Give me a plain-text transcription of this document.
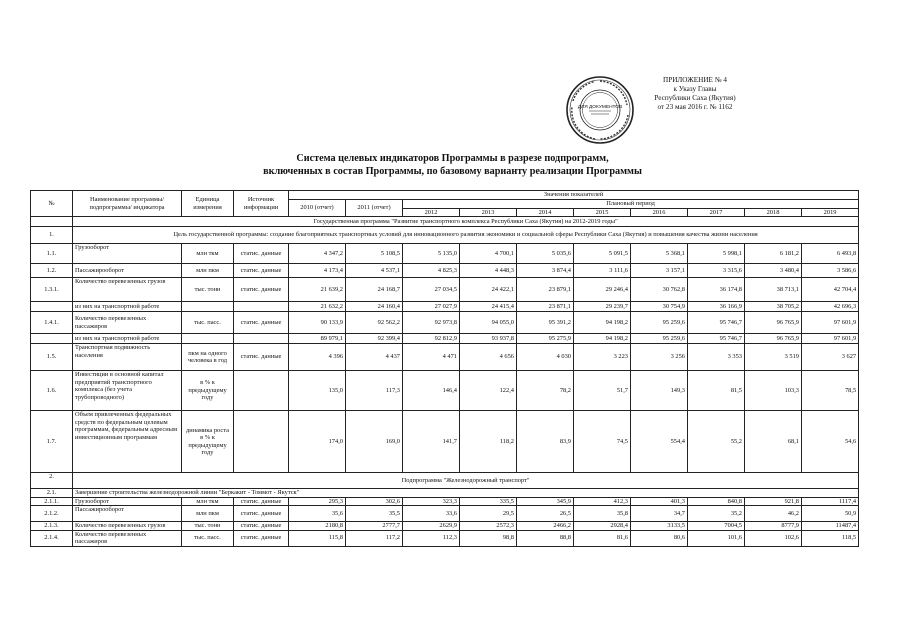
ДЛЯ ДОКУМЕНТОВ
ПРИЛОЖЕНИЕ № 4
к Указу Главы
Республики Саха (Якутия)
от 23 мая 2016 г. № 1162
Система целевых индикаторов Программы в разрезе подпрограмм,
включенных в состав Программы, по базовому варианту реализации Программы
№	Наименование программы/ подпрограммы/ индикатора	Единица измерения	Источник информации	Значения показателей									
				2010 (отчет)	2011 (отчет)	Плановый период							
						2012	2013	2014	2015	2016	2017	2018	2019
	Государственная программа "Развитие транспортного комплекса Республики Саха (Якутия) на 2012-2019 годы"												
1.	Цель государственной программы: создание благоприятных транспортных условий для инновационного развития экономики и социальной сферы Республики Саха (Якутия) и повышения качества жизни населения												
1.1.	Грузооборот	млн ткм	статис. данные	4 347,2	5 108,5	5 135,0	4 700,1	5 035,6	5 091,5	5 368,1	5 998,1	6 181,2	6 493,8
1.2.	Пассажирооборот	млн пкм	статис. данные	4 173,4	4 537,1	4 825,3	4 448,3	3 874,4	3 111,6	3 157,1	3 315,6	3 480,4	3 586,6
1.3.1.	Количество перевезенных грузов	тыс. тонн	статис. данные	21 639,2	24 168,7	27 034,5	24 422,1	23 879,1	29 246,4	30 762,8	36 174,8	38 713,1	42 704,4
	из них на транспортной работе			21 632,2	24 160,4	27 027,9	24 415,4	23 871,1	29 239,7	30 754,9	36 166,9	38 705,2	42 696,3
1.4.1.	Количество перевезенных пассажиров	тыс. пасс.	статис. данные	90 133,9	92 562,2	92 973,8	94 055,0	95 391,2	94 198,2	95 259,6	95 746,7	96 765,9	97 601,9
	из них на транспортной работе			89 979,1	92 399,4	92 812,9	93 937,8	95 275,9	94 198,2	95 259,6	95 746,7	96 765,9	97 601,9
1.5.	Транспортная подвижность населения	пкм на одного человека в год	статис. данные	4 396	4 437	4 471	4 656	4 030	3 223	3 256	3 353	3 519	3 627
1.6.	Инвестиции в основной капитал предприятий транспортного комплекса (без учета трубопроводного)	в % к предыдущему году		135,0	117,3	146,4	122,4	78,2	51,7	149,3	81,5	103,3	78,5
1.7.	Объем привлеченных федеральных средств по федеральным целевым программам, федеральным адресным инвестиционным программам	динамика роста в % к предыдущему году		174,0	169,0	141,7	118,2	83,9	74,5	554,4	55,2	68,1	54,6
2.	Подпрограмма "Железнодорожный транспорт"												
2.1.	Завершение строительства железнодорожной линии "Беркакит - Томмот - Якутск"												
2.1.1.	Грузооборот	млн ткм	статис. данные	295,3	302,6	323,3	335,5	345,9	412,3	401,3	840,8	921,8	1117,4
2.1.2.	Пассажирооборот	млн пкм	статис. данные	35,6	35,5	33,6	29,5	26,5	35,8	34,7	35,2	46,2	50,9
2.1.3.	Количество перевезенных грузов	тыс. тонн	статис. данные	2180,8	2777,7	2629,9	2572,3	2466,2	2928,4	3133,5	7004,5	8777,9	11487,4
2.1.4.	Количество перевезенных пассажиров	тыс. пасс.	статис. данные	115,8	117,2	112,3	98,8	88,8	81,6	80,6	101,6	102,6	118,5
